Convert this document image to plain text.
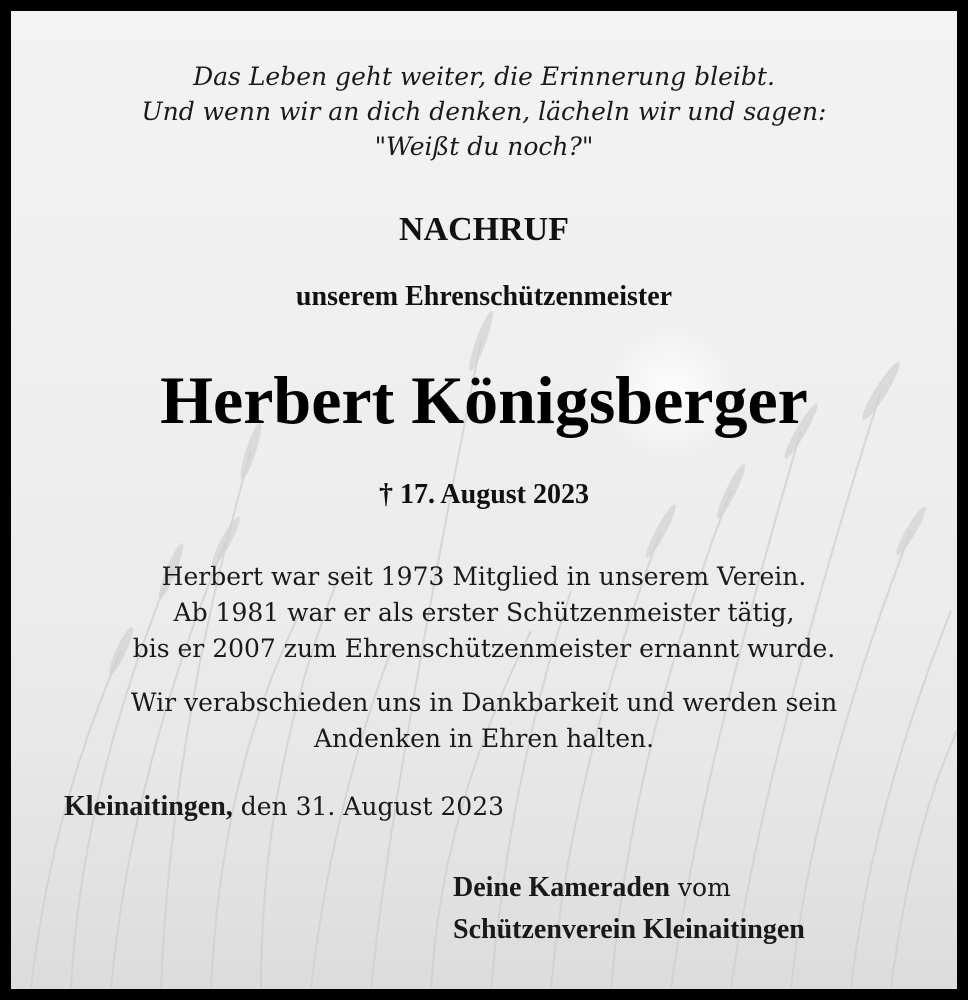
Das Leben geht weiter, die Erinnerung bleibt.
Und wenn wir an dich denken, lächeln wir und sagen:
"Weißt du noch?"
NACHRUF
unserem Ehrenschützenmeister
Herbert Königsberger
† 17. August 2023
Herbert war seit 1973 Mitglied in unserem Verein.
Ab 1981 war er als erster Schützenmeister tätig,
bis er 2007 zum Ehrenschützenmeister ernannt wurde.
Wir verabschieden uns in Dankbarkeit und werden sein
Andenken in Ehren halten.
Kleinaitingen, den 31. August 2023
Deine Kameraden vom
Schützenverein Kleinaitingen
